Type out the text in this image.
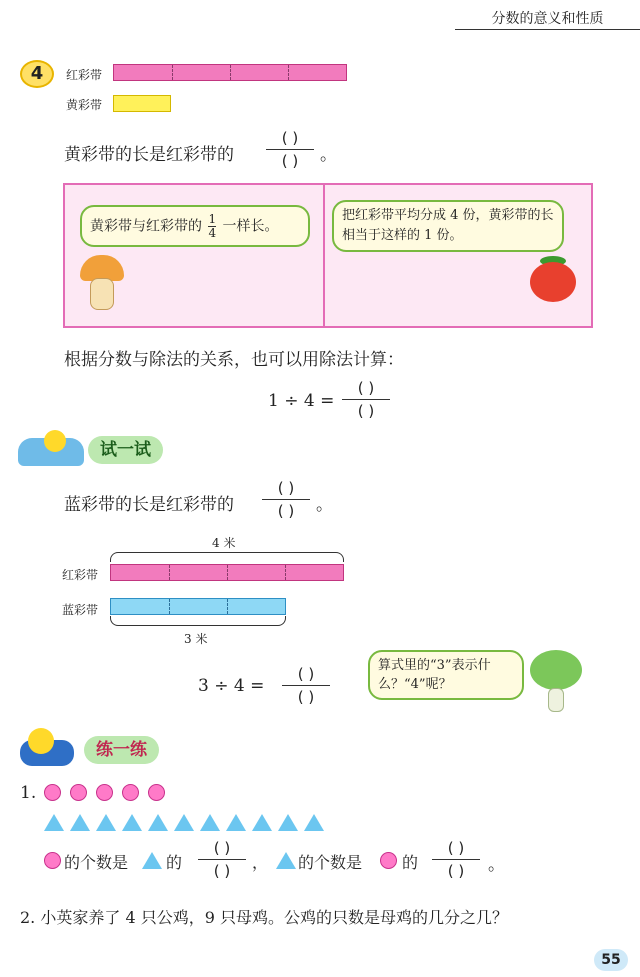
分数的意义和性质
4	红彩带
黄彩带
黄彩带的长是红彩带的
( )
( )	。
黄彩带与红彩带的 $\frac{1}{4}$ 一样长。
把红彩带平均分成 4 份，黄彩带的长相当于这样的 1 份。
根据分数与除法的关系，也可以用除法计算：
1 ÷ 4 =
( )
( )
试一试
蓝彩带的长是红彩带的
( )
( )	。
4 米
红彩带
蓝彩带
3 米
3 ÷ 4 =
( )
( )
算式里的“3”表示什么？“4”呢？
练一练
1.
的个数是 的
( )
( )	， 的个数是 的
( )
( )	。
2. 小英家养了 4 只公鸡，9 只母鸡。公鸡的只数是母鸡的几分之几？
55
